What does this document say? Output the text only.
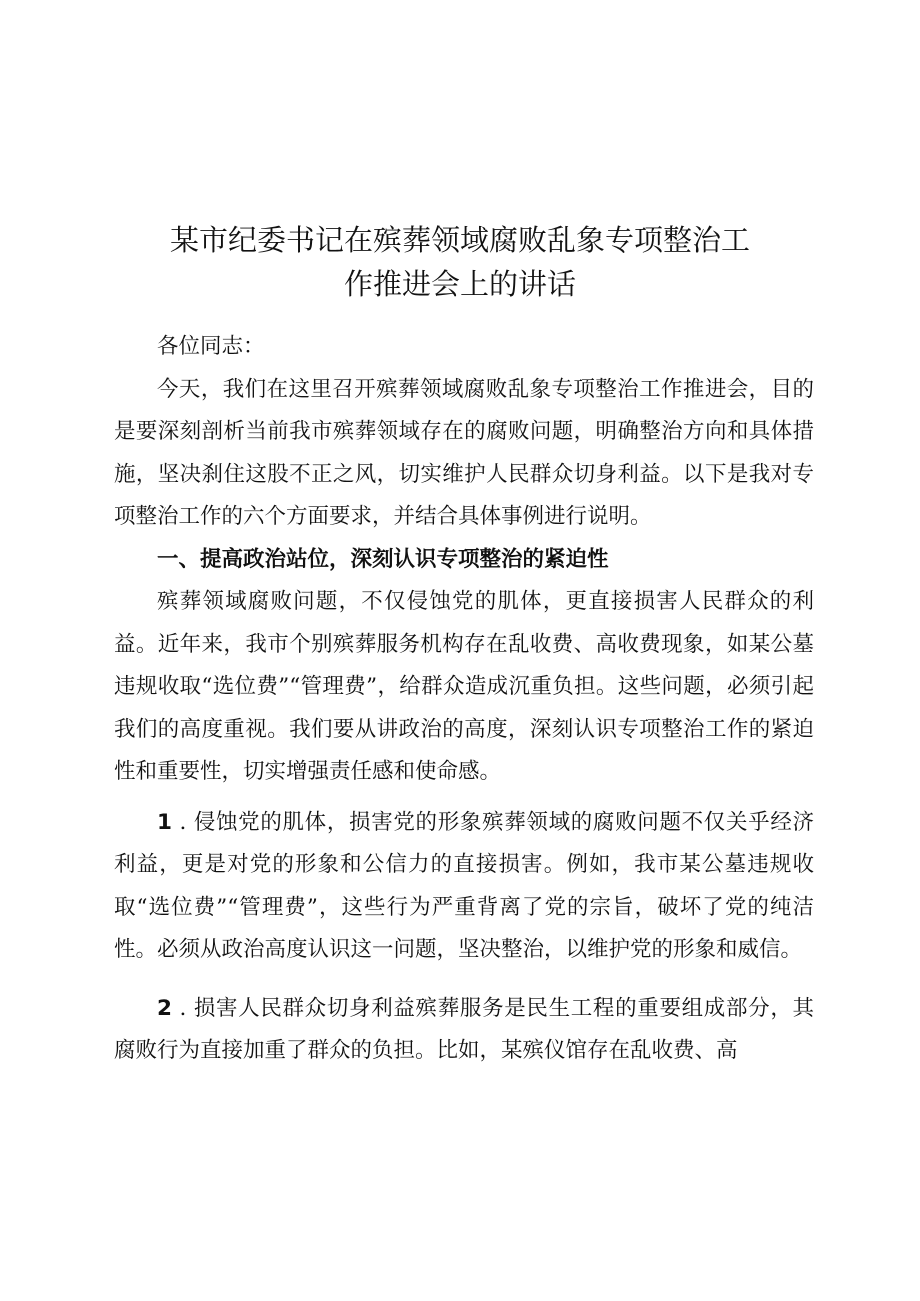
某市纪委书记在殡葬领域腐败乱象专项整治工
作推进会上的讲话

各位同志：

今天，我们在这里召开殡葬领域腐败乱象专项整治工作推进会，目的是要深刻剖析当前我市殡葬领域存在的腐败问题，明确整治方向和具体措施，坚决刹住这股不正之风，切实维护人民群众切身利益。以下是我对专项整治工作的六个方面要求，并结合具体事例进行说明。

一、提高政治站位，深刻认识专项整治的紧迫性

殡葬领域腐败问题，不仅侵蚀党的肌体，更直接损害人民群众的利益。近年来，我市个别殡葬服务机构存在乱收费、高收费现象，如某公墓违规收取“选位费”“管理费”，给群众造成沉重负担。这些问题，必须引起我们的高度重视。我们要从讲政治的高度，深刻认识专项整治工作的紧迫性和重要性，切实增强责任感和使命感。

1 . 侵蚀党的肌体，损害党的形象殡葬领域的腐败问题不仅关乎经济利益，更是对党的形象和公信力的直接损害。例如，我市某公墓违规收取“选位费”“管理费”，这些行为严重背离了党的宗旨，破坏了党的纯洁性。必须从政治高度认识这一问题，坚决整治，以维护党的形象和威信。

2 . 损害人民群众切身利益殡葬服务是民生工程的重要组成部分，其腐败行为直接加重了群众的负担。比如，某殡仪馆存在乱收费、高
